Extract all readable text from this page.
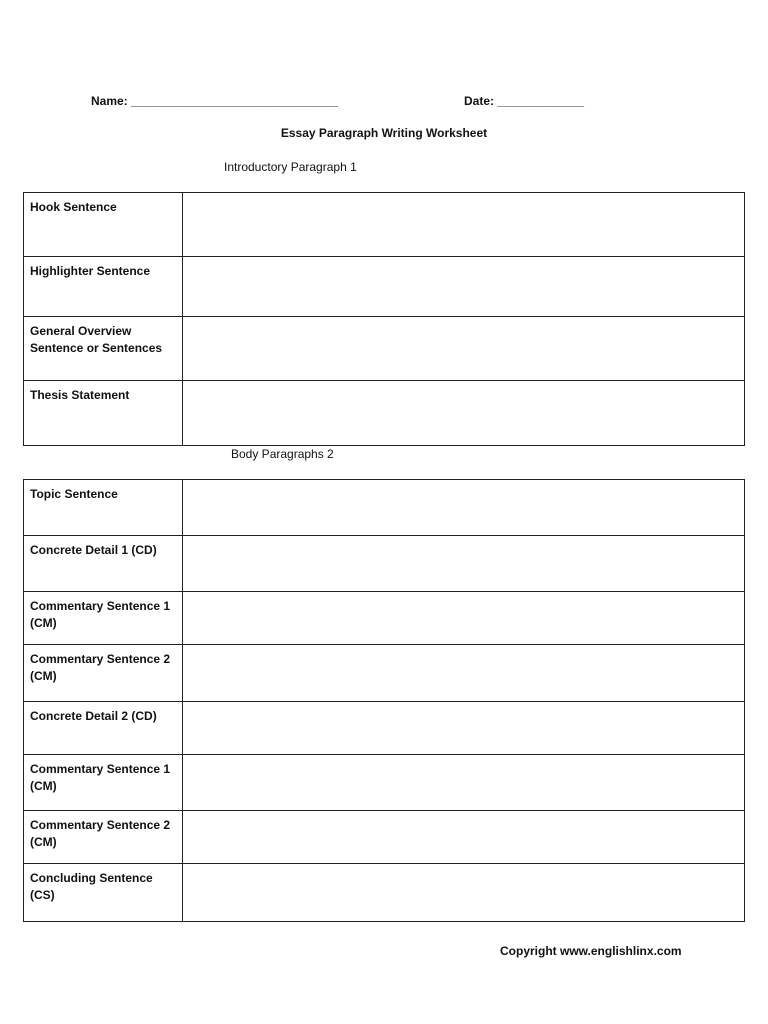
Name: _______________________________	Date: _____________
Essay Paragraph Writing Worksheet
Introductory Paragraph 1
Hook Sentence	
Highlighter Sentence	
General Overview Sentence or Sentences	
Thesis Statement	
Body Paragraphs 2
Topic Sentence	
Concrete Detail 1 (CD)	
Commentary Sentence 1 (CM)	
Commentary Sentence 2 (CM)	
Concrete Detail 2 (CD)	
Commentary Sentence 1 (CM)	
Commentary Sentence 2 (CM)	
Concluding Sentence (CS)	
Copyright www.englishlinx.com
